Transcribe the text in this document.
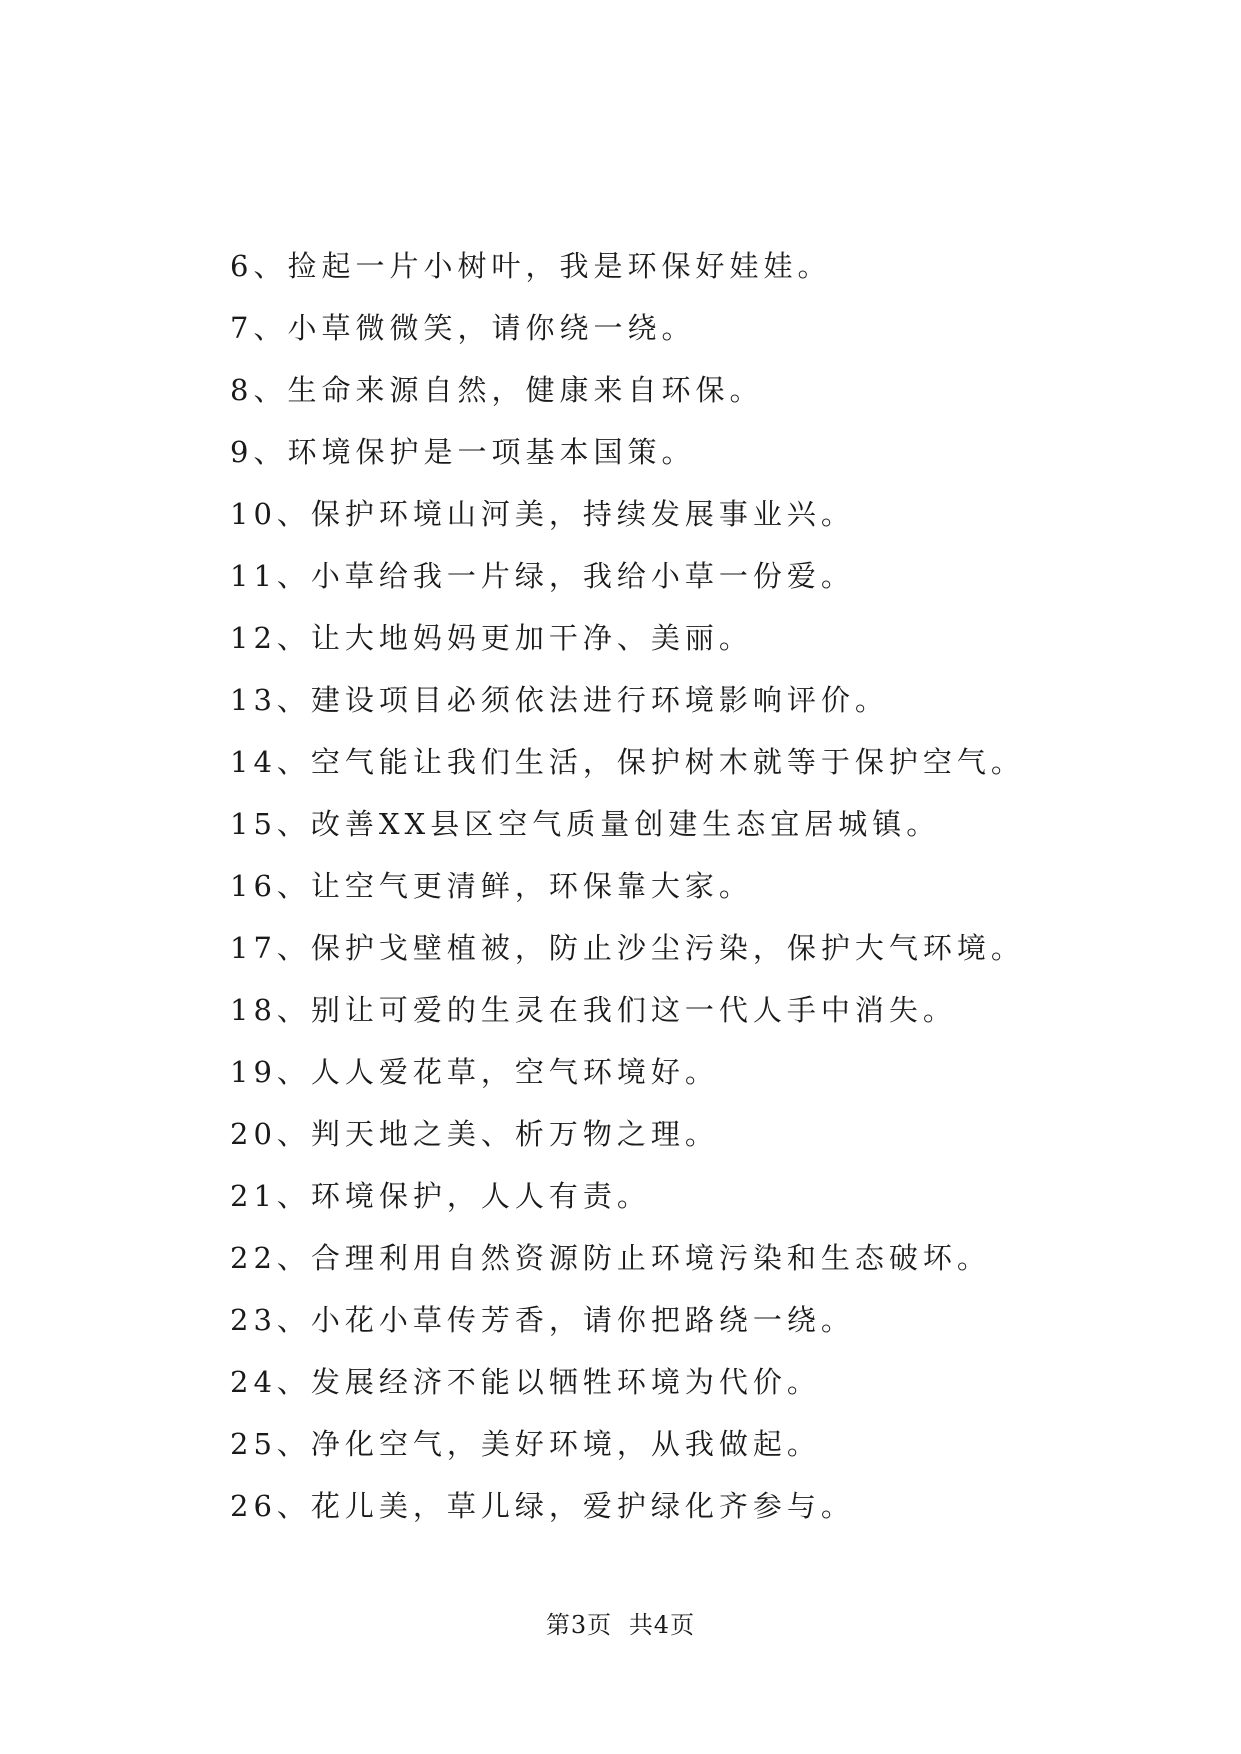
6、捡起一片小树叶，我是环保好娃娃。
7、小草微微笑，请你绕一绕。
8、生命来源自然，健康来自环保。
9、环境保护是一项基本国策。
10、保护环境山河美，持续发展事业兴。
11、小草给我一片绿，我给小草一份爱。
12、让大地妈妈更加干净、美丽。
13、建设项目必须依法进行环境影响评价。
14、空气能让我们生活，保护树木就等于保护空气。
15、改善XX县区空气质量创建生态宜居城镇。
16、让空气更清鲜，环保靠大家。
17、保护戈壁植被，防止沙尘污染，保护大气环境。
18、别让可爱的生灵在我们这一代人手中消失。
19、人人爱花草，空气环境好。
20、判天地之美、析万物之理。
21、环境保护，人人有责。
22、合理利用自然资源防止环境污染和生态破坏。
23、小花小草传芳香，请你把路绕一绕。
24、发展经济不能以牺牲环境为代价。
25、净化空气，美好环境，从我做起。
26、花儿美，草儿绿，爱护绿化齐参与。
第3页 共4页
